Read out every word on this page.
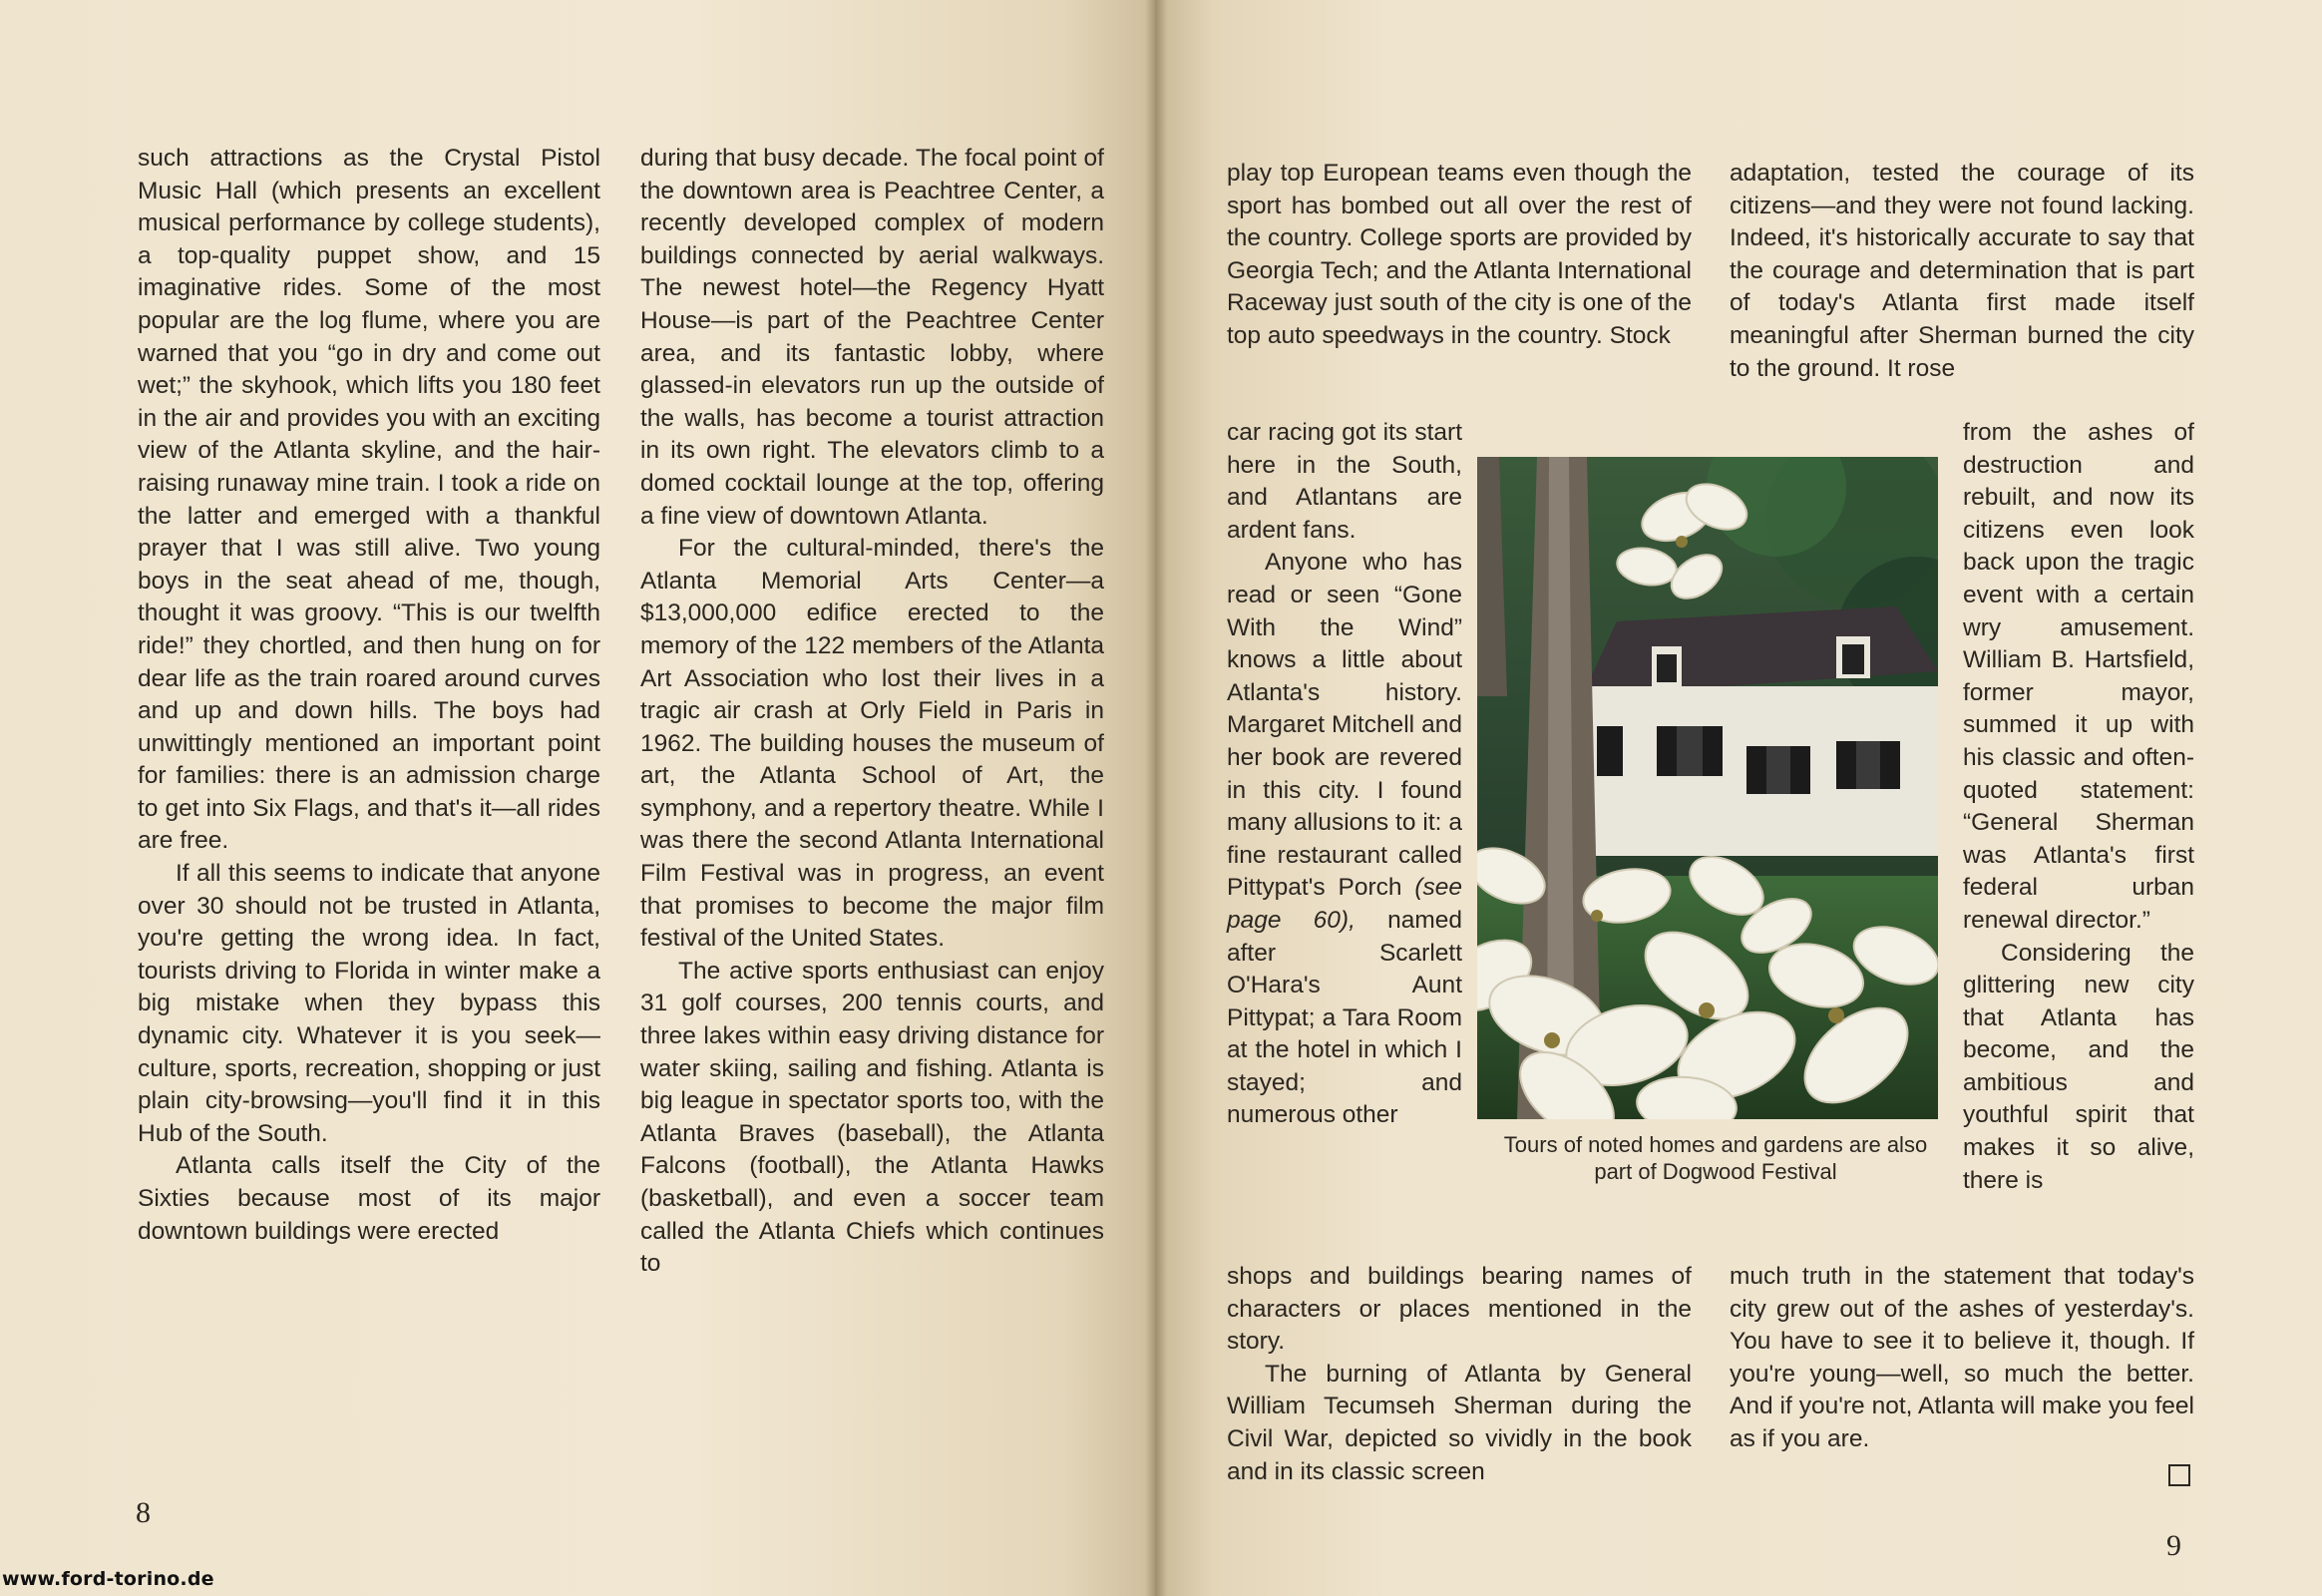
such attractions as the Crystal Pistol Music Hall (which presents an excellent musical performance by college students), a top-quality puppet show, and 15 imaginative rides. Some of the most popular are the log flume, where you are warned that you “go in dry and come out wet;” the skyhook, which lifts you 180 feet in the air and provides you with an exciting view of the Atlanta skyline, and the hair-raising runaway mine train. I took a ride on the latter and emerged with a thankful prayer that I was still alive. Two young boys in the seat ahead of me, though, thought it was groovy. “This is our twelfth ride!” they chortled, and then hung on for dear life as the train roared around curves and up and down hills. The boys had unwittingly mentioned an important point for families: there is an admission charge to get into Six Flags, and that's it—all rides are free.

If all this seems to indicate that anyone over 30 should not be trusted in Atlanta, you're getting the wrong idea. In fact, tourists driving to Florida in winter make a big mistake when they bypass this dynamic city. Whatever it is you seek—culture, sports, recreation, shopping or just plain city-browsing—you'll find it in this Hub of the South.

Atlanta calls itself the City of the Sixties because most of its major downtown buildings were erected

during that busy decade. The focal point of the downtown area is Peachtree Center, a recently developed complex of modern buildings connected by aerial walkways. The newest hotel—the Regency Hyatt House—is part of the Peachtree Center area, and its fantastic lobby, where glassed-in elevators run up the outside of the walls, has become a tourist attraction in its own right. The elevators climb to a domed cocktail lounge at the top, offering a fine view of downtown Atlanta.

For the cultural-minded, there's the Atlanta Memorial Arts Center—a $13,000,000 edifice erected to the memory of the 122 members of the Atlanta Art Association who lost their lives in a tragic air crash at Orly Field in Paris in 1962. The building houses the museum of art, the Atlanta School of Art, the symphony, and a repertory theatre. While I was there the second Atlanta International Film Festival was in progress, an event that promises to become the major film festival of the United States.

The active sports enthusiast can enjoy 31 golf courses, 200 tennis courts, and three lakes within easy driving distance for water skiing, sailing and fishing. Atlanta is big league in spectator sports too, with the Atlanta Braves (baseball), the Atlanta Falcons (football), the Atlanta Hawks (basketball), and even a soccer team called the Atlanta Chiefs which continues to

8

play top European teams even though the sport has bombed out all over the rest of the country. College sports are provided by Georgia Tech; and the Atlanta International Raceway just south of the city is one of the top auto speedways in the country. Stock

adaptation, tested the courage of its citizens—and they were not found lacking. Indeed, it's historically accurate to say that the courage and determination that is part of today's Atlanta first made itself meaningful after Sherman burned the city to the ground. It rose

car racing got its start here in the South, and Atlantans are ardent fans.

Anyone who has read or seen “Gone With the Wind” knows a little about Atlanta's history. Margaret Mitchell and her book are revered in this city. I found many allusions to it: a fine restaurant called Pittypat's Porch (see page 60), named after Scarlett O'Hara's Aunt Pittypat; a Tara Room at the hotel in which I stayed; and numerous other

from the ashes of destruction and rebuilt, and now its citizens even look back upon the tragic event with a certain wry amusement. William B. Hartsfield, former mayor, summed it up with his classic and often-quoted statement: “General Sherman was Atlanta's first federal urban renewal director.”

Considering the glittering new city that Atlanta has become, and the ambitious and youthful spirit that makes it so alive, there is

Tours of noted homes and gardens are also part of Dogwood Festival

shops and buildings bearing names of characters or places mentioned in the story.

The burning of Atlanta by General William Tecumseh Sherman during the Civil War, depicted so vividly in the book and in its classic screen

much truth in the statement that today's city grew out of the ashes of yesterday's. You have to see it to believe it, though. If you're young—well, so much the better. And if you're not, Atlanta will make you feel as if you are.

9
www.ford-torino.de
